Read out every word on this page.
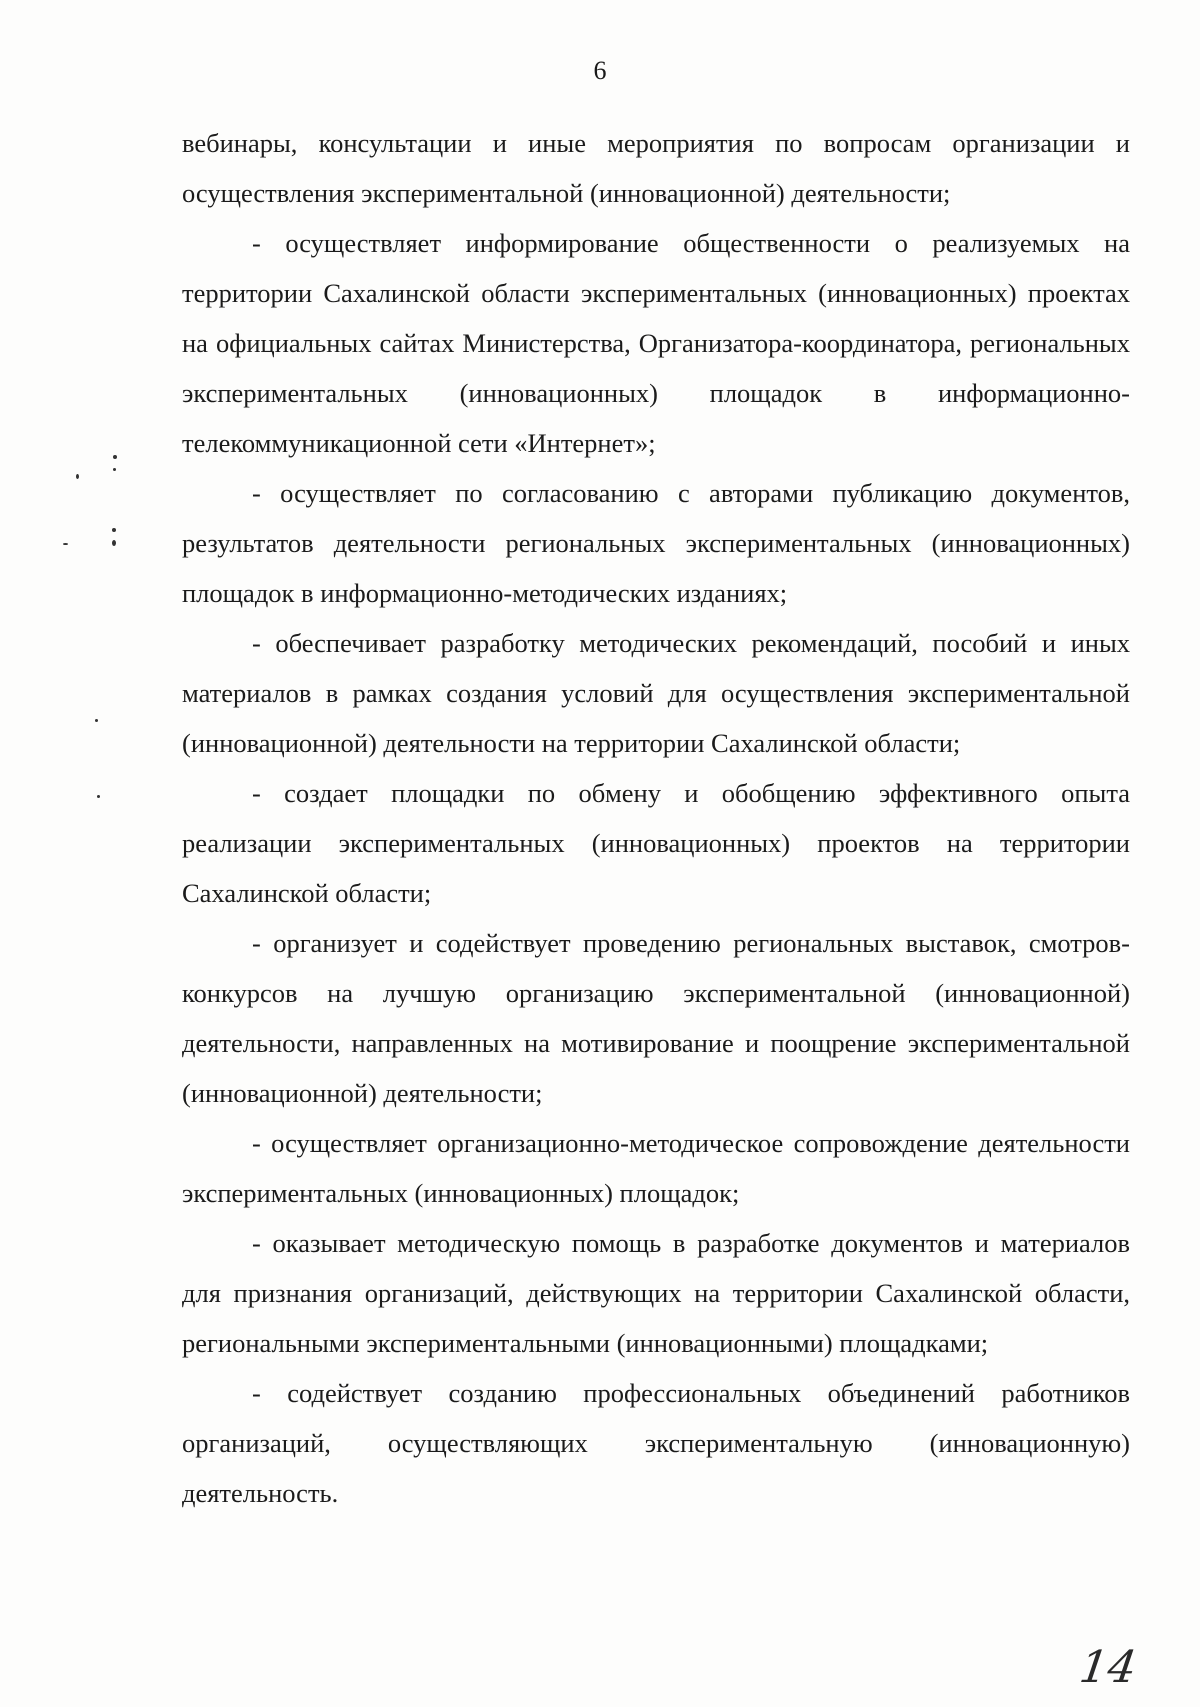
6

вебинары, консультации и иные мероприятия по вопросам организации и осуществления экспериментальной (инновационной) деятельности;

- осуществляет информирование общественности о реализуемых на территории Сахалинской области экспериментальных (инновационных) проектах на официальных сайтах Министерства, Организатора-координатора, региональных экспериментальных (инновационных) площадок в информационно-телекоммуникационной сети «Интернет»;

- осуществляет по согласованию с авторами публикацию документов, результатов деятельности региональных экспериментальных (инновационных) площадок в информационно-методических изданиях;

- обеспечивает разработку методических рекомендаций, пособий и иных материалов в рамках создания условий для осуществления экспериментальной (инновационной) деятельности на территории Сахалинской области;

- создает площадки по обмену и обобщению эффективного опыта реализации экспериментальных (инновационных) проектов на территории Сахалинской области;

- организует и содействует проведению региональных выставок, смотров-конкурсов на лучшую организацию экспериментальной (инновационной) деятельности, направленных на мотивирование и поощрение экспериментальной (инновационной) деятельности;

- осуществляет организационно-методическое сопровождение деятельности экспериментальных (инновационных) площадок;

- оказывает методическую помощь в разработке документов и материалов для признания организаций, действующих на территории Сахалинской области, региональными экспериментальными (инновационными) площадками;

- содействует созданию профессиональных объединений работников организаций, осуществляющих экспериментальную (инновационную) деятельность.

14
